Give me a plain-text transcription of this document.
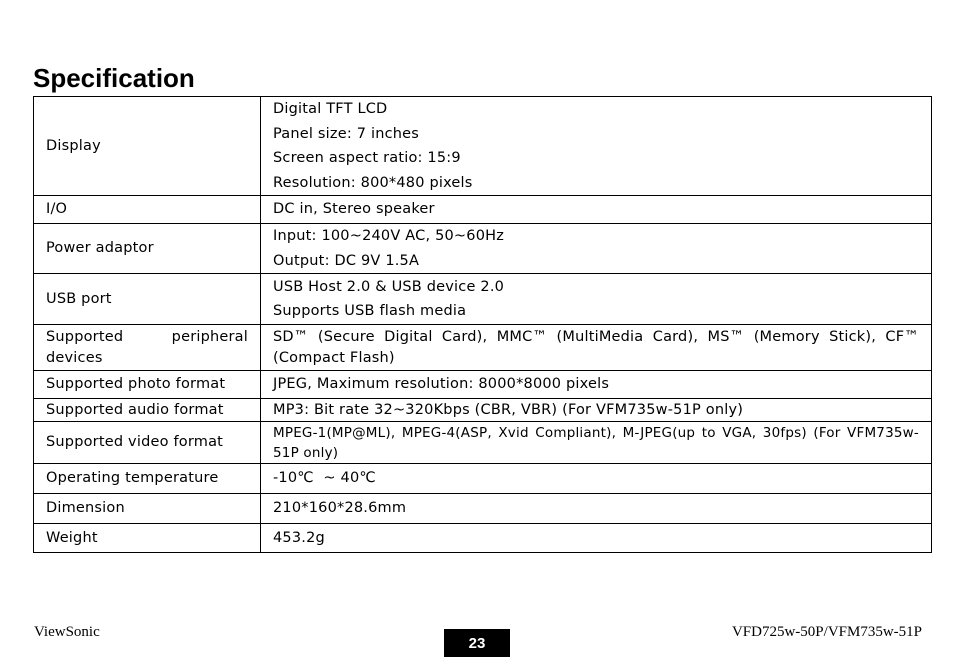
Specification
Display	Digital TFT LCD
Panel size: 7 inches
Screen aspect ratio: 15:9
Resolution: 800*480 pixels

I/O	DC in, Stereo speaker

Power adaptor	Input: 100~240V AC, 50~60Hz
Output: DC 9V 1.5A

USB port	USB Host 2.0 & USB device 2.0
Supports USB flash media

Supported peripheral devices	SD™ (Secure Digital Card), MMC™ (MultiMedia Card), MS™ (Memory Stick), CF™ (Compact Flash)
Supported photo format	JPEG, Maximum resolution: 8000*8000 pixels

Supported audio format	MP3: Bit rate 32~320Kbps (CBR, VBR) (For VFM735w-51P only)

Supported video format	MPEG-1(MP@ML), MPEG-4(ASP, Xvid Compliant), M-JPEG(up to VGA, 30fps) (For VFM735w-51P only)
Operating temperature	-10℃  ~ 40℃

Dimension	210*160*28.6mm

Weight	453.2g
ViewSonic
23
VFD725w-50P/VFM735w-51P
